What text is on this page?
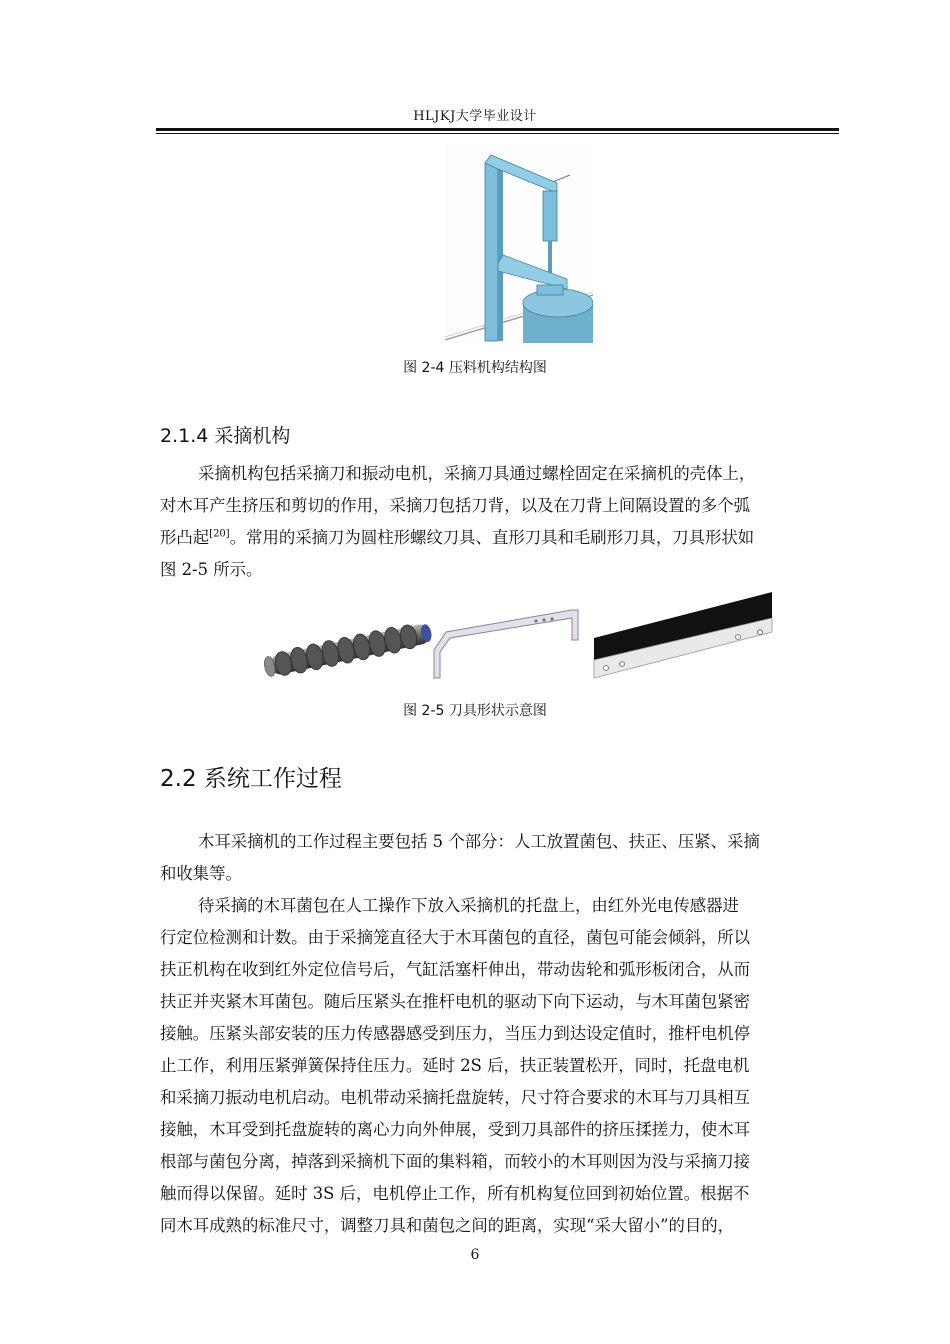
HLJKJ大学毕业设计
图 2-4 压料机构结构图
2.1.4 采摘机构
采摘机构包括采摘刀和振动电机，采摘刀具通过螺栓固定在采摘机的壳体上，
对木耳产生挤压和剪切的作用，采摘刀包括刀背，以及在刀背上间隔设置的多个弧
形凸起[20]。常用的采摘刀为圆柱形螺纹刀具、直形刀具和毛刷形刀具，刀具形状如
图 2-5 所示。
图 2-5 刀具形状示意图
2.2 系统工作过程
木耳采摘机的工作过程主要包括 5 个部分：人工放置菌包、扶正、压紧、采摘
和收集等。
待采摘的木耳菌包在人工操作下放入采摘机的托盘上，由红外光电传感器进
行定位检测和计数。由于采摘笼直径大于木耳菌包的直径，菌包可能会倾斜，所以
扶正机构在收到红外定位信号后，气缸活塞杆伸出，带动齿轮和弧形板闭合，从而
扶正并夹紧木耳菌包。随后压紧头在推杆电机的驱动下向下运动，与木耳菌包紧密
接触。压紧头部安装的压力传感器感受到压力，当压力到达设定值时，推杆电机停
止工作，利用压紧弹簧保持住压力。延时 2S 后，扶正装置松开，同时，托盘电机
和采摘刀振动电机启动。电机带动采摘托盘旋转，尺寸符合要求的木耳与刀具相互
接触，木耳受到托盘旋转的离心力向外伸展，受到刀具部件的挤压揉搓力，使木耳
根部与菌包分离，掉落到采摘机下面的集料箱，而较小的木耳则因为没与采摘刀接
触而得以保留。延时 3S 后，电机停止工作，所有机构复位回到初始位置。根据不
同木耳成熟的标准尺寸，调整刀具和菌包之间的距离，实现“采大留小”的目的，
6
